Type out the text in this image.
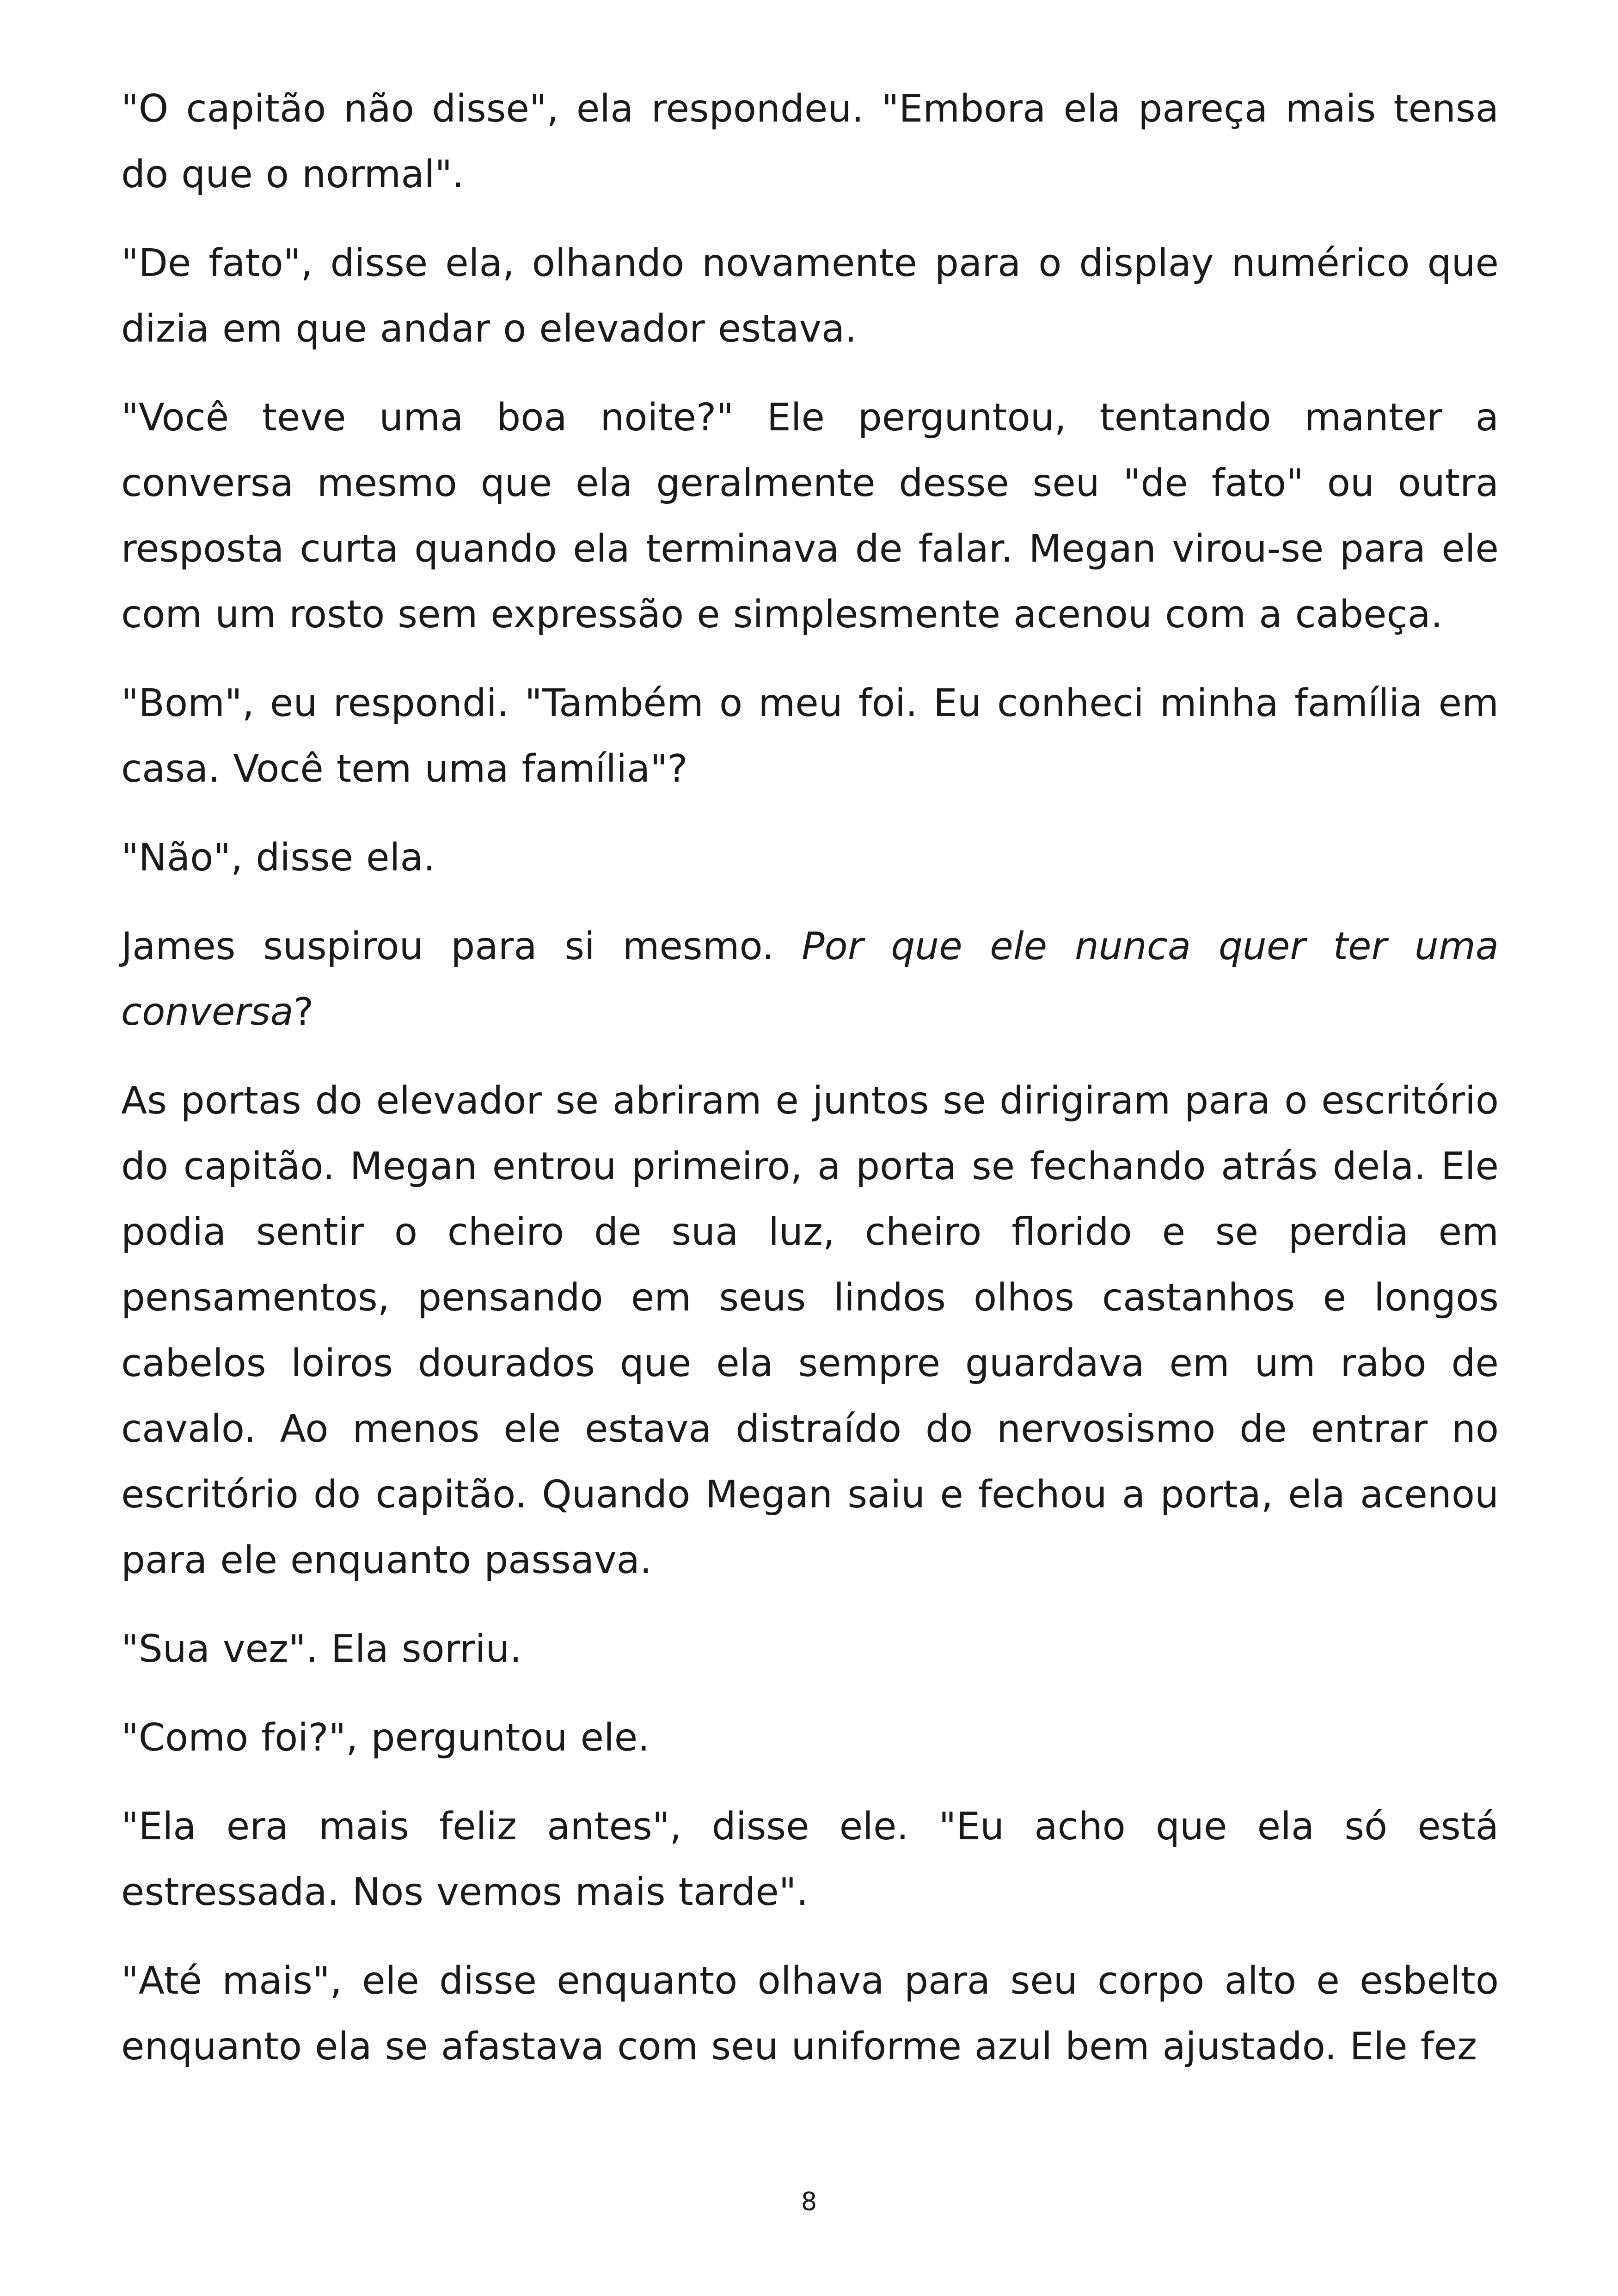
"O capitão não disse", ela respondeu. "Embora ela pareça mais tensa do que o normal".

"De fato", disse ela, olhando novamente para o display numérico que dizia em que andar o elevador estava.

"Você teve uma boa noite?" Ele perguntou, tentando manter a conversa mesmo que ela geralmente desse seu "de fato" ou outra resposta curta quando ela terminava de falar. Megan virou-se para ele com um rosto sem expressão e simplesmente acenou com a cabeça.

"Bom", eu respondi. "Também o meu foi. Eu conheci minha família em casa. Você tem uma família"?

"Não", disse ela.

James suspirou para si mesmo. Por que ele nunca quer ter uma conversa?

As portas do elevador se abriram e juntos se dirigiram para o escritório do capitão. Megan entrou primeiro, a porta se fechando atrás dela. Ele podia sentir o cheiro de sua luz, cheiro florido e se perdia em pensamentos, pensando em seus lindos olhos castanhos e longos cabelos loiros dourados que ela sempre guardava em um rabo de cavalo. Ao menos ele estava distraído do nervosismo de entrar no escritório do capitão. Quando Megan saiu e fechou a porta, ela acenou para ele enquanto passava.

"Sua vez". Ela sorriu.

"Como foi?", perguntou ele.

"Ela era mais feliz antes", disse ele. "Eu acho que ela só está estressada. Nos vemos mais tarde".

"Até mais", ele disse enquanto olhava para seu corpo alto e esbelto enquanto ela se afastava com seu uniforme azul bem ajustado. Ele fez

8
